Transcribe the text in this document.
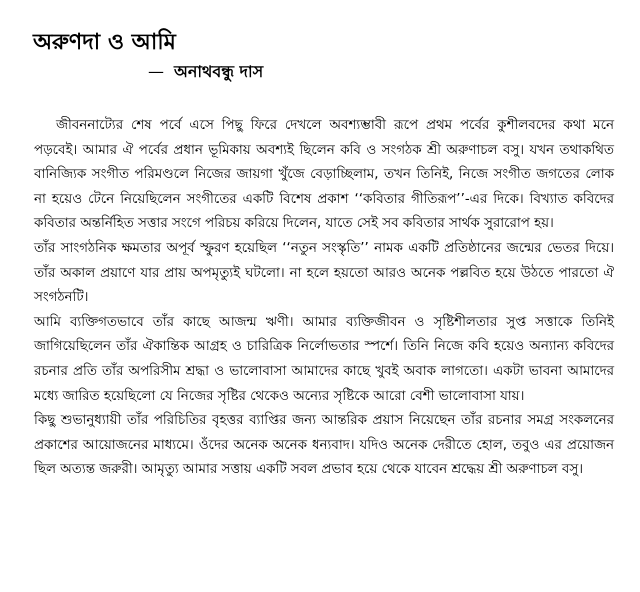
অরুণদা ও আমি
— অনাথবন্ধু দাস

জীবননাট্যের শেষ পর্বে এসে পিছু ফিরে দেখলে অবশ্যম্ভাবী রূপে প্রথম পর্বের কুশীলবদের কথা মনে পড়বেই। আমার ঐ পর্বের প্রধান ভূমিকায় অবশ্যই ছিলেন কবি ও সংগঠক শ্রী অরুণাচল বসু। যখন তথাকথিত বানিজ্যিক সংগীত পরিমণ্ডলে নিজের জায়গা খুঁজে বেড়াচ্ছিলাম, তখন তিনিই, নিজে সংগীত জগতের লোক না হয়েও টেনে নিয়েছিলেন সংগীতের একটি বিশেষ প্রকাশ ‘‘কবিতার গীতিরূপ’’-এর দিকে। বিখ্যাত কবিদের কবিতার অন্তর্নিহিত সত্তার সংগে পরিচয় করিয়ে দিলেন, যাতে সেই সব কবিতার সার্থক সুরারোপ হয়।

তাঁর সাংগঠনিক ক্ষমতার অপূর্ব স্ফুরণ হয়েছিল ‘‘নতুন সংস্কৃতি’’ নামক একটি প্রতিষ্ঠানের জন্মের ভেতর দিয়ে। তাঁর অকাল প্রয়াণে যার প্রায় অপমৃত্যুই ঘটলো। না হলে হয়তো আরও অনেক পল্লবিত হয়ে উঠতে পারতো ঐ সংগঠনটি।

আমি ব্যক্তিগতভাবে তাঁর কাছে আজন্ম ঋণী। আমার ব্যক্তিজীবন ও সৃষ্টিশীলতার সুপ্ত সত্তাকে তিনিই জাগিয়েছিলেন তাঁর ঐকান্তিক আগ্রহ ও চারিত্রিক নির্লোভতার স্পর্শে। তিনি নিজে কবি হয়েও অন্যান্য কবিদের রচনার প্রতি তাঁর অপরিসীম শ্রদ্ধা ও ভালোবাসা আমাদের কাছে খুবই অবাক লাগতো। একটা ভাবনা আমাদের মধ্যে জারিত হয়েছিলো যে নিজের সৃষ্টির থেকেও অন্যের সৃষ্টিকে আরো বেশী ভালোবাসা যায়।

কিছু শুভানুধ্যায়ী তাঁর পরিচিতির বৃহত্তর ব্যাপ্তির জন্য আন্তরিক প্রয়াস নিয়েছেন তাঁর রচনার সমগ্র সংকলনের প্রকাশের আয়োজনের মাধ্যমে। ওঁদের অনেক অনেক ধন্যবাদ। যদিও অনেক দেরীতে হোল, তবুও এর প্রয়োজন ছিল অত্যন্ত জরুরী। আমৃত্যু আমার সত্তায় একটি সবল প্রভাব হয়ে থেকে যাবেন শ্রদ্ধেয় শ্রী অরুণাচল বসু।
